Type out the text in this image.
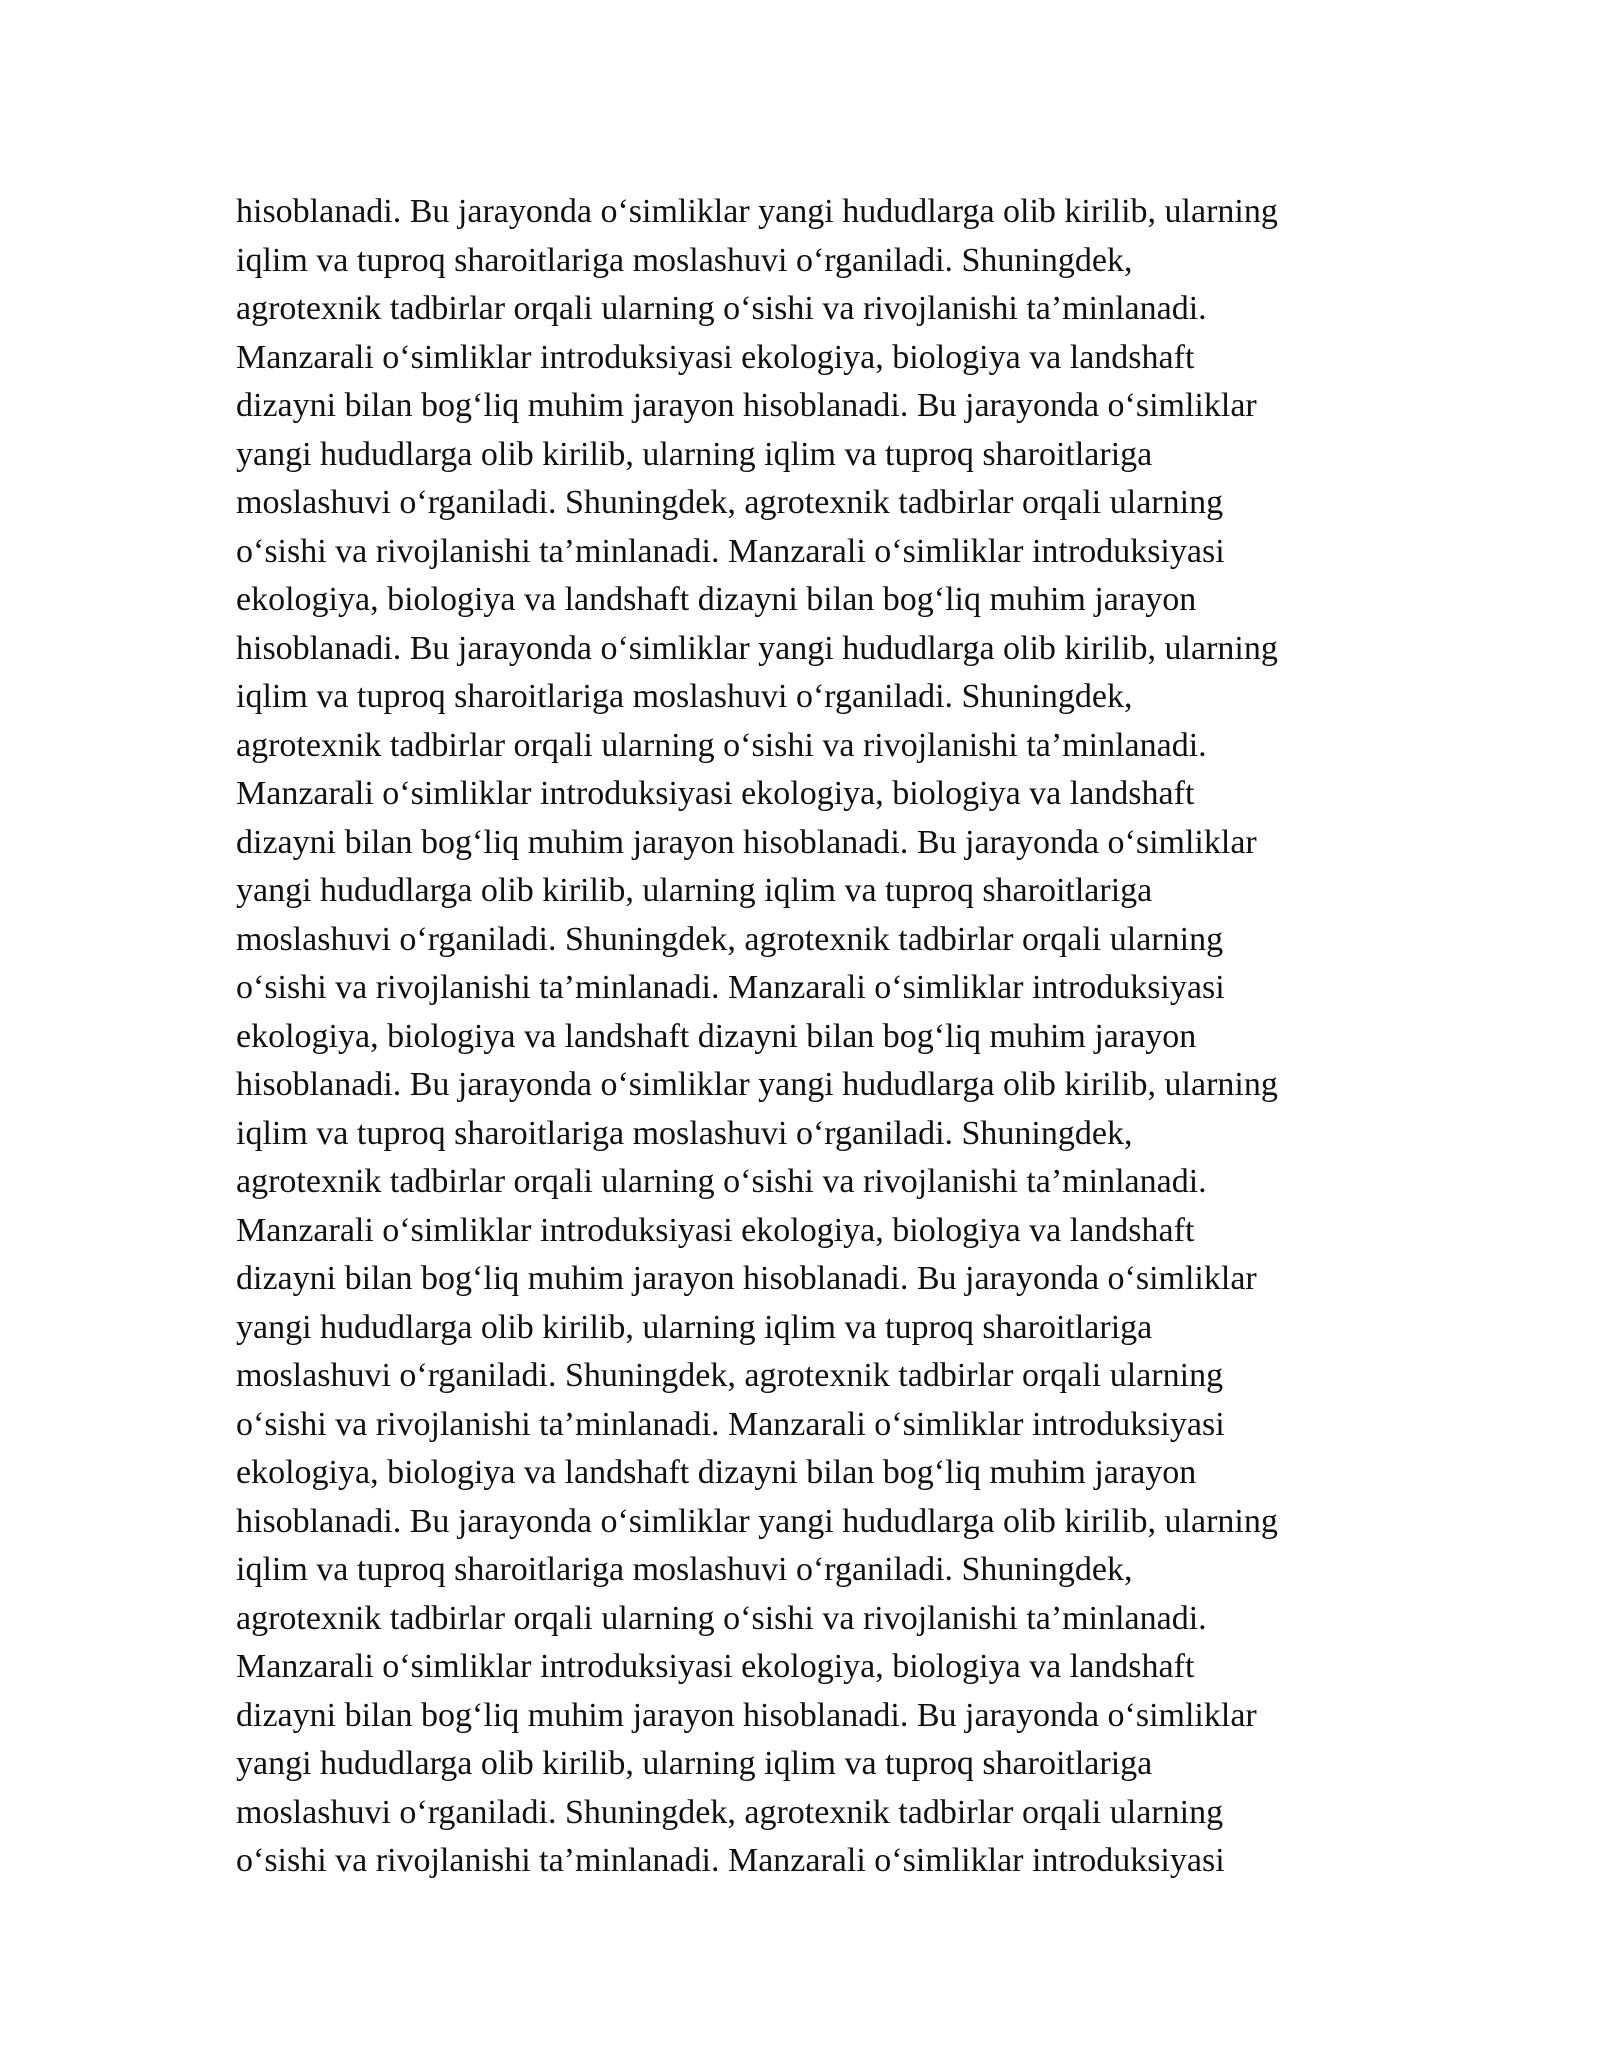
hisoblanadi. Bu jarayonda o‘simliklar yangi hududlarga olib kirilib, ularning
iqlim va tuproq sharoitlariga moslashuvi o‘rganiladi. Shuningdek,
agrotexnik tadbirlar orqali ularning o‘sishi va rivojlanishi ta’minlanadi.
Manzarali o‘simliklar introduksiyasi ekologiya, biologiya va landshaft
dizayni bilan bog‘liq muhim jarayon hisoblanadi. Bu jarayonda o‘simliklar
yangi hududlarga olib kirilib, ularning iqlim va tuproq sharoitlariga
moslashuvi o‘rganiladi. Shuningdek, agrotexnik tadbirlar orqali ularning
o‘sishi va rivojlanishi ta’minlanadi. Manzarali o‘simliklar introduksiyasi
ekologiya, biologiya va landshaft dizayni bilan bog‘liq muhim jarayon
hisoblanadi. Bu jarayonda o‘simliklar yangi hududlarga olib kirilib, ularning
iqlim va tuproq sharoitlariga moslashuvi o‘rganiladi. Shuningdek,
agrotexnik tadbirlar orqali ularning o‘sishi va rivojlanishi ta’minlanadi.
Manzarali o‘simliklar introduksiyasi ekologiya, biologiya va landshaft
dizayni bilan bog‘liq muhim jarayon hisoblanadi. Bu jarayonda o‘simliklar
yangi hududlarga olib kirilib, ularning iqlim va tuproq sharoitlariga
moslashuvi o‘rganiladi. Shuningdek, agrotexnik tadbirlar orqali ularning
o‘sishi va rivojlanishi ta’minlanadi. Manzarali o‘simliklar introduksiyasi
ekologiya, biologiya va landshaft dizayni bilan bog‘liq muhim jarayon
hisoblanadi. Bu jarayonda o‘simliklar yangi hududlarga olib kirilib, ularning
iqlim va tuproq sharoitlariga moslashuvi o‘rganiladi. Shuningdek,
agrotexnik tadbirlar orqali ularning o‘sishi va rivojlanishi ta’minlanadi.
Manzarali o‘simliklar introduksiyasi ekologiya, biologiya va landshaft
dizayni bilan bog‘liq muhim jarayon hisoblanadi. Bu jarayonda o‘simliklar
yangi hududlarga olib kirilib, ularning iqlim va tuproq sharoitlariga
moslashuvi o‘rganiladi. Shuningdek, agrotexnik tadbirlar orqali ularning
o‘sishi va rivojlanishi ta’minlanadi. Manzarali o‘simliklar introduksiyasi
ekologiya, biologiya va landshaft dizayni bilan bog‘liq muhim jarayon
hisoblanadi. Bu jarayonda o‘simliklar yangi hududlarga olib kirilib, ularning
iqlim va tuproq sharoitlariga moslashuvi o‘rganiladi. Shuningdek,
agrotexnik tadbirlar orqali ularning o‘sishi va rivojlanishi ta’minlanadi.
Manzarali o‘simliklar introduksiyasi ekologiya, biologiya va landshaft
dizayni bilan bog‘liq muhim jarayon hisoblanadi. Bu jarayonda o‘simliklar
yangi hududlarga olib kirilib, ularning iqlim va tuproq sharoitlariga
moslashuvi o‘rganiladi. Shuningdek, agrotexnik tadbirlar orqali ularning
o‘sishi va rivojlanishi ta’minlanadi. Manzarali o‘simliklar introduksiyasi
